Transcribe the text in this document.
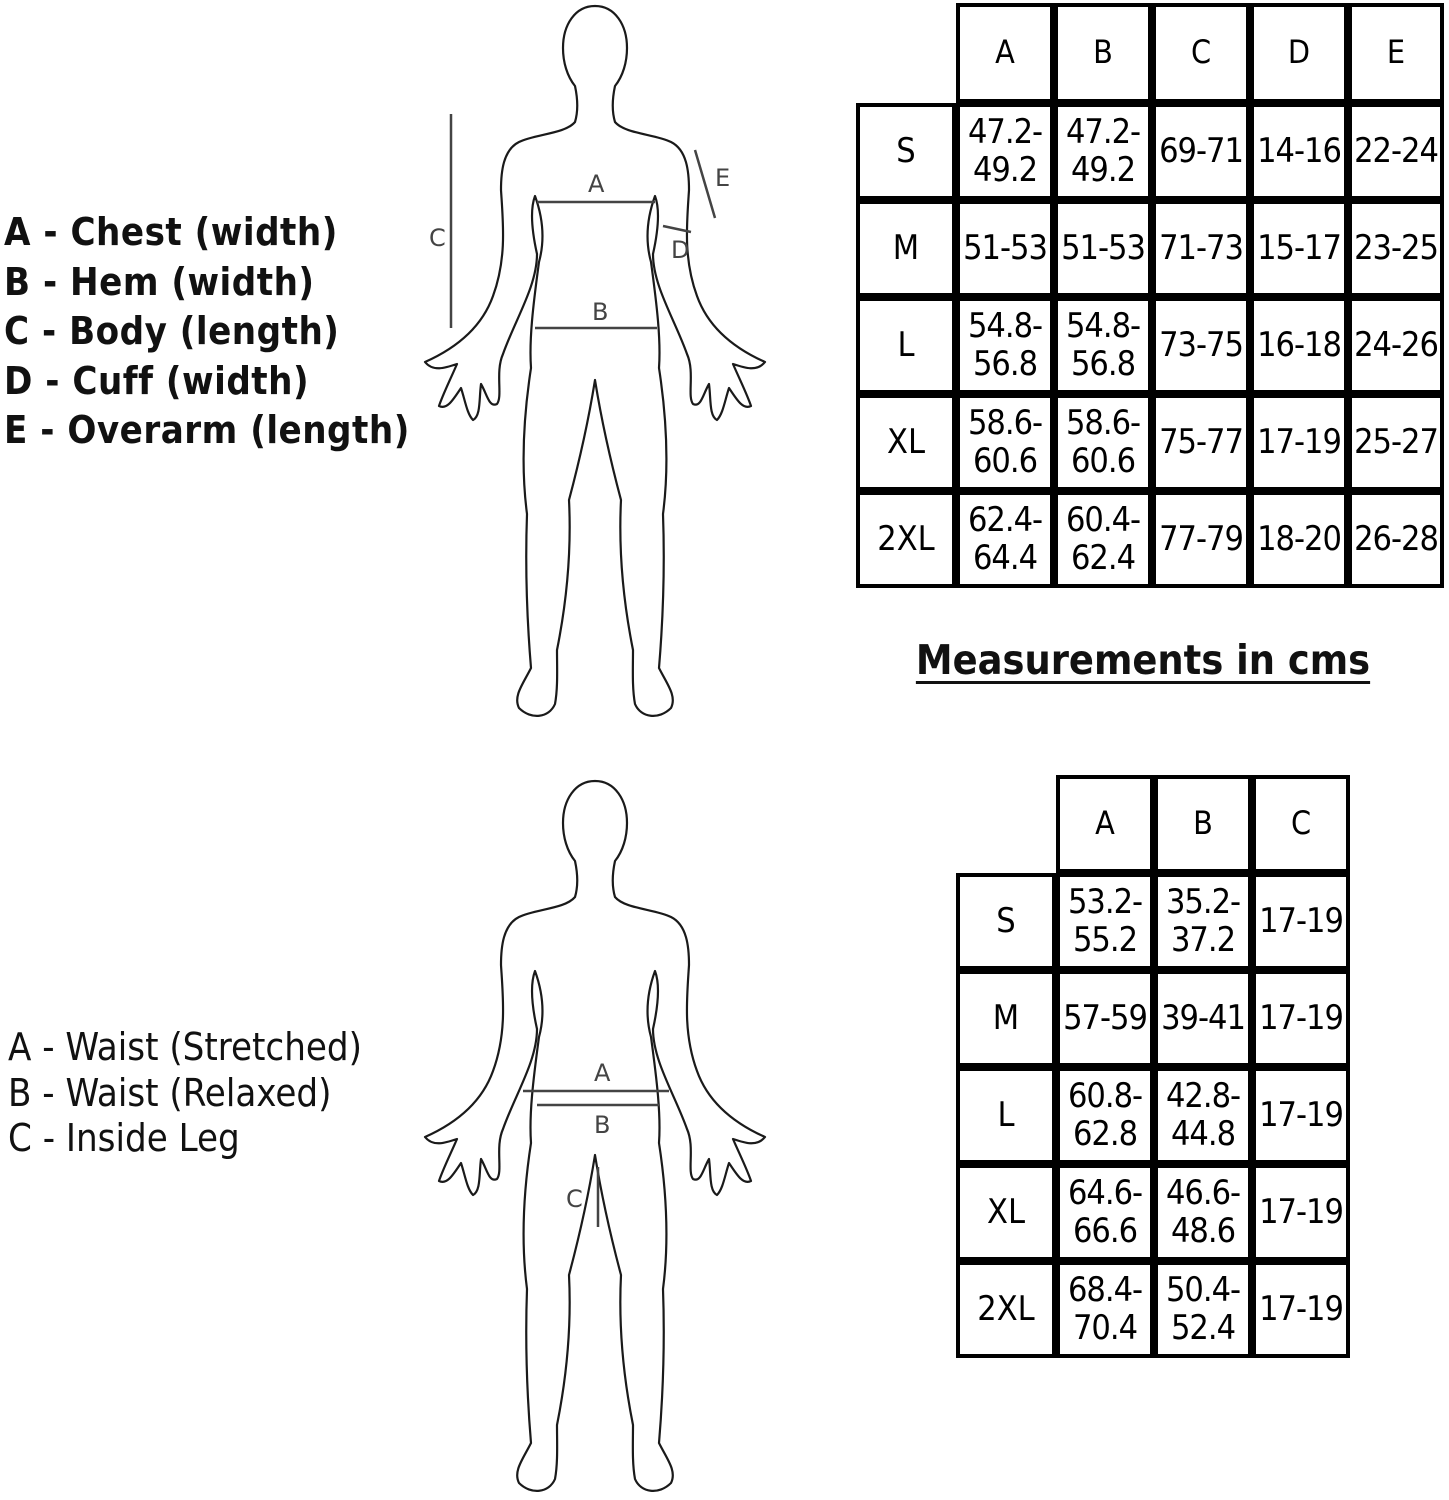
A - Chest (width)
B - Hem (width)
C - Body (length)
D - Cuff (width)
E - Overarm (length)
C
A
B
E
D
	A	B	C	D	E
S	47.2-
49.2	47.2-
49.2	69-71	14-16	22-24
M	51-53	51-53	71-73	15-17	23-25
L	54.8-
56.8	54.8-
56.8	73-75	16-18	24-26
XL	58.6-
60.6	58.6-
60.6	75-77	17-19	25-27
2XL	62.4-
64.4	60.4-
62.4	77-79	18-20	26-28
Measurements in cms
A - Waist (Stretched)
B - Waist (Relaxed)
C - Inside Leg
A
B
C
	A	B	C
S	53.2-
55.2	35.2-
37.2	17-19
M	57-59	39-41	17-19
L	60.8-
62.8	42.8-
44.8	17-19
XL	64.6-
66.6	46.6-
48.6	17-19
2XL	68.4-
70.4	50.4-
52.4	17-19
